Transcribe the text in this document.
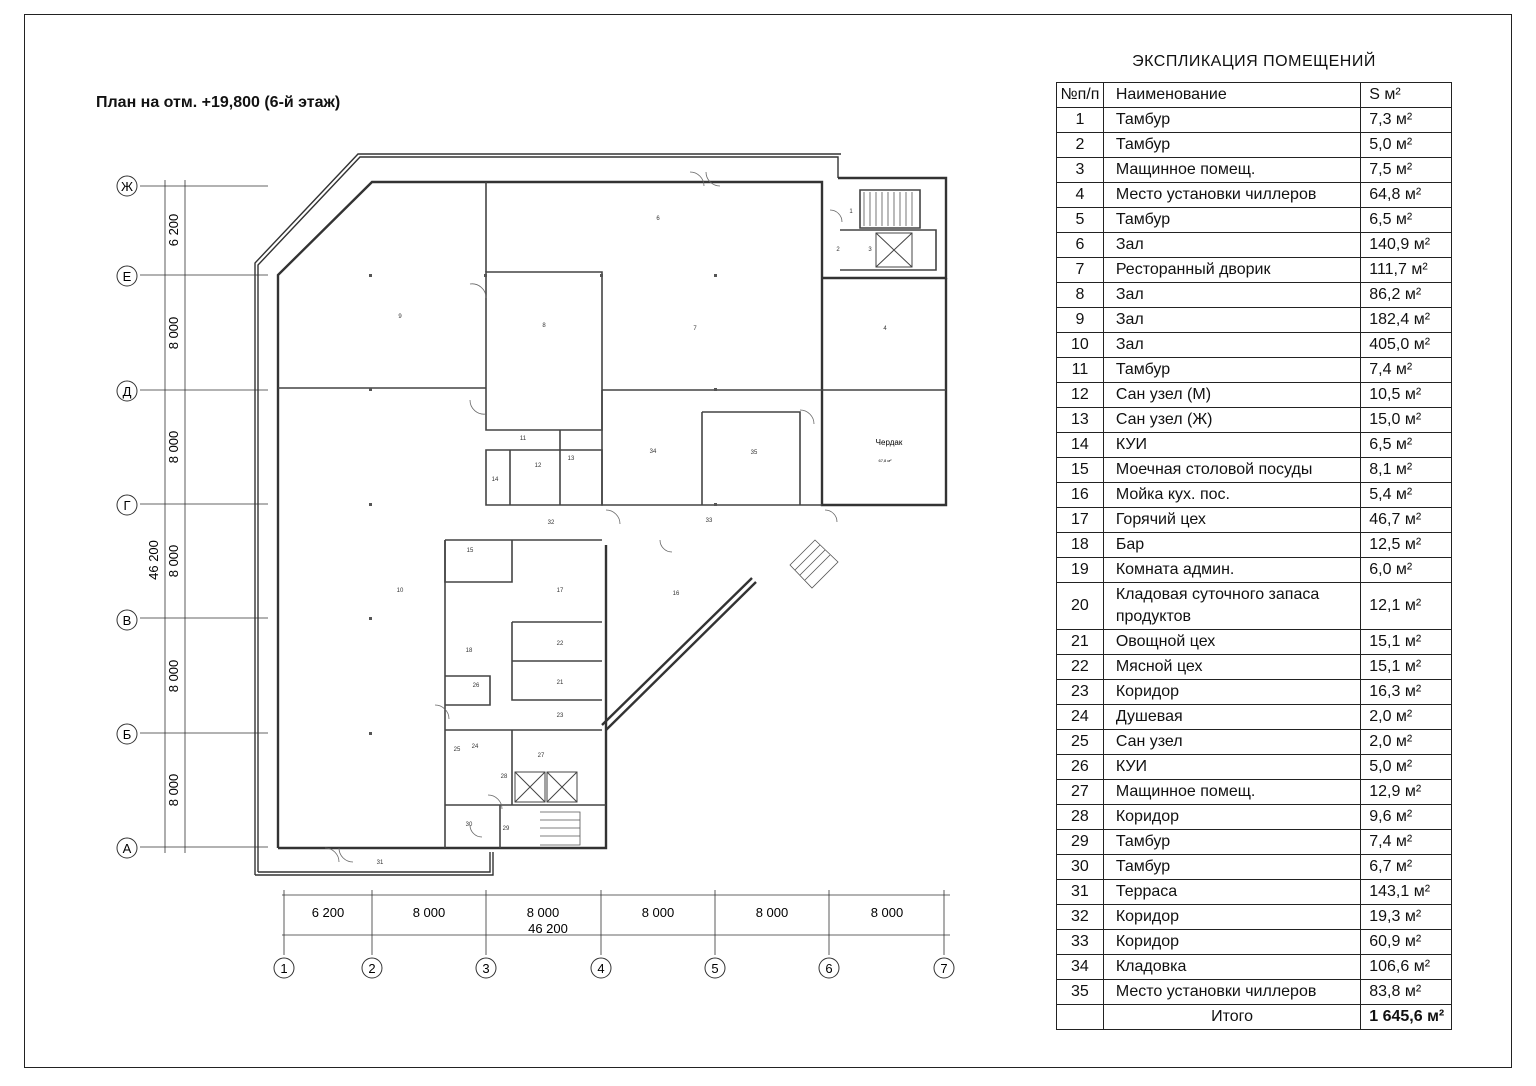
Ж
Е
Д
Г
В
Б
А
1	2	3	4	5	6	7
6 200
8 000
8 000
8 000
8 000
8 000
46 200
6 200	8 000	8 000	8 000	8 000	8 000
46 200
1
2	3
4
6
7
8
9
10
11
12
13
14
15
16
17
18
21
22
23
24
25
26
27
28
29
30
31
32	33
34	35
Чердак
67,8 м²
План на отм. +19,800 (6-й этаж)
ЭКСПЛИКАЦИЯ ПОМЕЩЕНИЙ
№п/п	Наименование	S м²
1	Тамбур	7,3 м²
2	Тамбур	5,0 м²
3	Мащинное помещ.	7,5 м²
4	Место установки чиллеров	64,8 м²
5	Тамбур	6,5 м²
6	Зал	140,9 м²
7	Ресторанный дворик	111,7 м²
8	Зал	86,2 м²
9	Зал	182,4 м²
10	Зал	405,0 м²
11	Тамбур	7,4 м²
12	Сан узел (М)	10,5 м²
13	Сан узел (Ж)	15,0 м²
14	КУИ	6,5 м²
15	Моечная столовой посуды	8,1 м²
16	Мойка кух. пос.	5,4 м²
17	Горячий цех	46,7 м²
18	Бар	12,5 м²
19	Комната админ.	6,0 м²
20	Кладовая суточного запаса продуктов	12,1 м²
21	Овощной цех	15,1 м²
22	Мясной цех	15,1 м²
23	Коридор	16,3 м²
24	Душевая	2,0 м²
25	Сан узел	2,0 м²
26	КУИ	5,0 м²
27	Мащинное помещ.	12,9 м²
28	Коридор	9,6 м²
29	Тамбур	7,4 м²
30	Тамбур	6,7 м²
31	Терраса	143,1 м²
32	Коридор	19,3 м²
33	Коридор	60,9 м²
34	Кладовка	106,6 м²
35	Место установки чиллеров	83,8 м²
	Итого	1 645,6 м²
